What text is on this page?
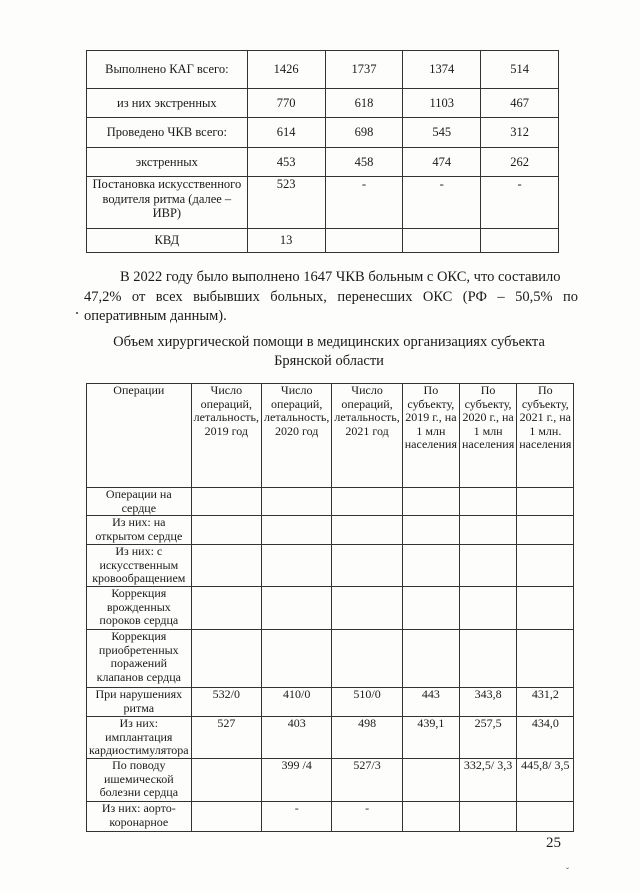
Выполнено КАГ всего:	1426	1737	1374	514
из них экстренных	770	618	1103	467
Проведено ЧКВ всего:	614	698	545	312
экстренных	453	458	474	262
Постановка искусственного водителя ритма (далее – ИВР)	523	-	-	-
КВД	13			

В 2022 году было выполнено 1647 ЧКВ больным с ОКС, что составило
47,2% от всех выбывших больных, перенесших ОКС (РФ – 50,5% по оперативным данным).

Объем хирургической помощи в медицинских организациях субъекта
Брянской области

Операции	Число операций, летальность, 2019 год	Число операций, летальность, 2020 год	Число операций, летальность, 2021 год	По субъекту, 2019 г., на 1 млн населения	По субъекту, 2020 г., на 1 млн населения	По субъекту, 2021 г., на 1 млн. населения
Операции на сердце						
Из них: на открытом сердце						
Из них: с искусственным кровообращением						
Коррекция врожденных пороков сердца						
Коррекция приобретенных поражений клапанов сердца						
При нарушениях ритма	532/0	410/0	510/0	443	343,8	431,2
Из них: имплантация кардиостимулятора	527	403	498	439,1	257,5	434,0
По поводу ишемической болезни сердца		399 /4	527/3		332,5/ 3,3	445,8/ 3,5
Из них: аорто-коронарное		-	-			
25
ˇ
